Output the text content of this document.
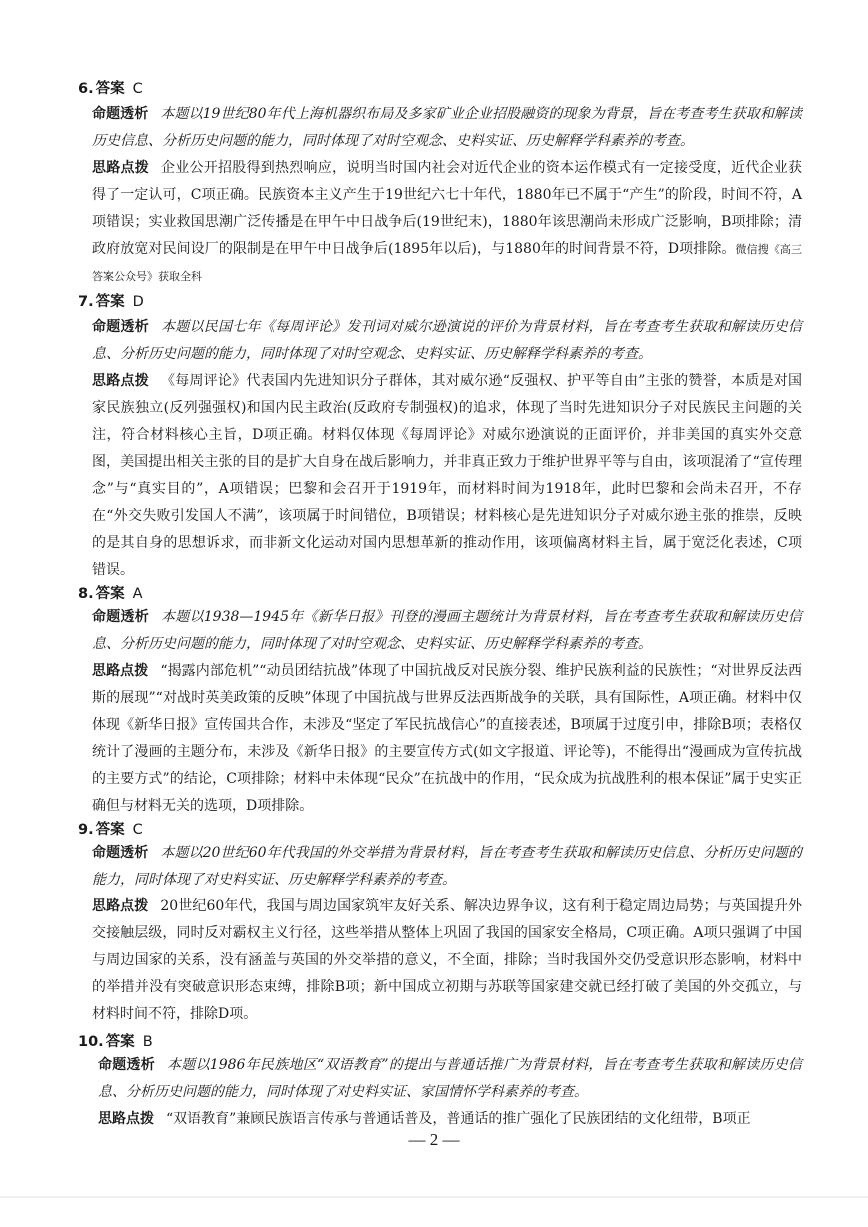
6. 答案 C
命题透析 本题以19世纪80年代上海机器织布局及多家矿业企业招股融资的现象为背景，旨在考查考生获取和解读历史信息、分析历史问题的能力，同时体现了对时空观念、史料实证、历史解释学科素养的考查。
思路点拨 企业公开招股得到热烈响应，说明当时国内社会对近代企业的资本运作模式有一定接受度，近代企业获得了一定认可，C项正确。民族资本主义产生于19世纪六七十年代，1880年已不属于“产生”的阶段，时间不符，A项错误；实业救国思潮广泛传播是在甲午中日战争后(19世纪末)，1880年该思潮尚未形成广泛影响，B项排除；清政府放宽对民间设厂的限制是在甲午中日战争后(1895年以后)，与1880年的时间背景不符，D项排除。微信搜《高三答案公众号》获取全科
7. 答案 D
命题透析 本题以民国七年《每周评论》发刊词对威尔逊演说的评价为背景材料，旨在考查考生获取和解读历史信息、分析历史问题的能力，同时体现了对时空观念、史料实证、历史解释学科素养的考查。
思路点拨 《每周评论》代表国内先进知识分子群体，其对威尔逊“反强权、护平等自由”主张的赞誉，本质是对国家民族独立(反列强强权)和国内民主政治(反政府专制强权)的追求，体现了当时先进知识分子对民族民主问题的关注，符合材料核心主旨，D项正确。材料仅体现《每周评论》对威尔逊演说的正面评价，并非美国的真实外交意图，美国提出相关主张的目的是扩大自身在战后影响力，并非真正致力于维护世界平等与自由，该项混淆了“宣传理念”与“真实目的”，A项错误；巴黎和会召开于1919年，而材料时间为1918年，此时巴黎和会尚未召开，不存在“外交失败引发国人不满”，该项属于时间错位，B项错误；材料核心是先进知识分子对威尔逊主张的推崇，反映的是其自身的思想诉求，而非新文化运动对国内思想革新的推动作用，该项偏离材料主旨，属于宽泛化表述，C项错误。
8. 答案 A
命题透析 本题以1938—1945年《新华日报》刊登的漫画主题统计为背景材料，旨在考查考生获取和解读历史信息、分析历史问题的能力，同时体现了对时空观念、史料实证、历史解释学科素养的考查。
思路点拨 “揭露内部危机”“动员团结抗战”体现了中国抗战反对民族分裂、维护民族利益的民族性；“对世界反法西斯的展现”“对战时英美政策的反映”体现了中国抗战与世界反法西斯战争的关联，具有国际性，A项正确。材料中仅体现《新华日报》宣传国共合作，未涉及“坚定了军民抗战信心”的直接表述，B项属于过度引申，排除B项；表格仅统计了漫画的主题分布，未涉及《新华日报》的主要宣传方式(如文字报道、评论等)，不能得出“漫画成为宣传抗战的主要方式”的结论，C项排除；材料中未体现“民众”在抗战中的作用，“民众成为抗战胜利的根本保证”属于史实正确但与材料无关的选项，D项排除。
9. 答案 C
命题透析 本题以20世纪60年代我国的外交举措为背景材料，旨在考查考生获取和解读历史信息、分析历史问题的能力，同时体现了对史料实证、历史解释学科素养的考查。
思路点拨 20世纪60年代，我国与周边国家筑牢友好关系、解决边界争议，这有利于稳定周边局势；与英国提升外交接触层级，同时反对霸权主义行径，这些举措从整体上巩固了我国的国家安全格局，C项正确。A项只强调了中国与周边国家的关系，没有涵盖与英国的外交举措的意义，不全面，排除；当时我国外交仍受意识形态影响，材料中的举措并没有突破意识形态束缚，排除B项；新中国成立初期与苏联等国家建交就已经打破了美国的外交孤立，与材料时间不符，排除D项。
10. 答案 B
命题透析 本题以1986年民族地区“双语教育”的提出与普通话推广为背景材料，旨在考查考生获取和解读历史信息、分析历史问题的能力，同时体现了对史料实证、家国情怀学科素养的考查。
思路点拨 “双语教育”兼顾民族语言传承与普通话普及，普通话的推广强化了民族团结的文化纽带，B项正
— 2 —
